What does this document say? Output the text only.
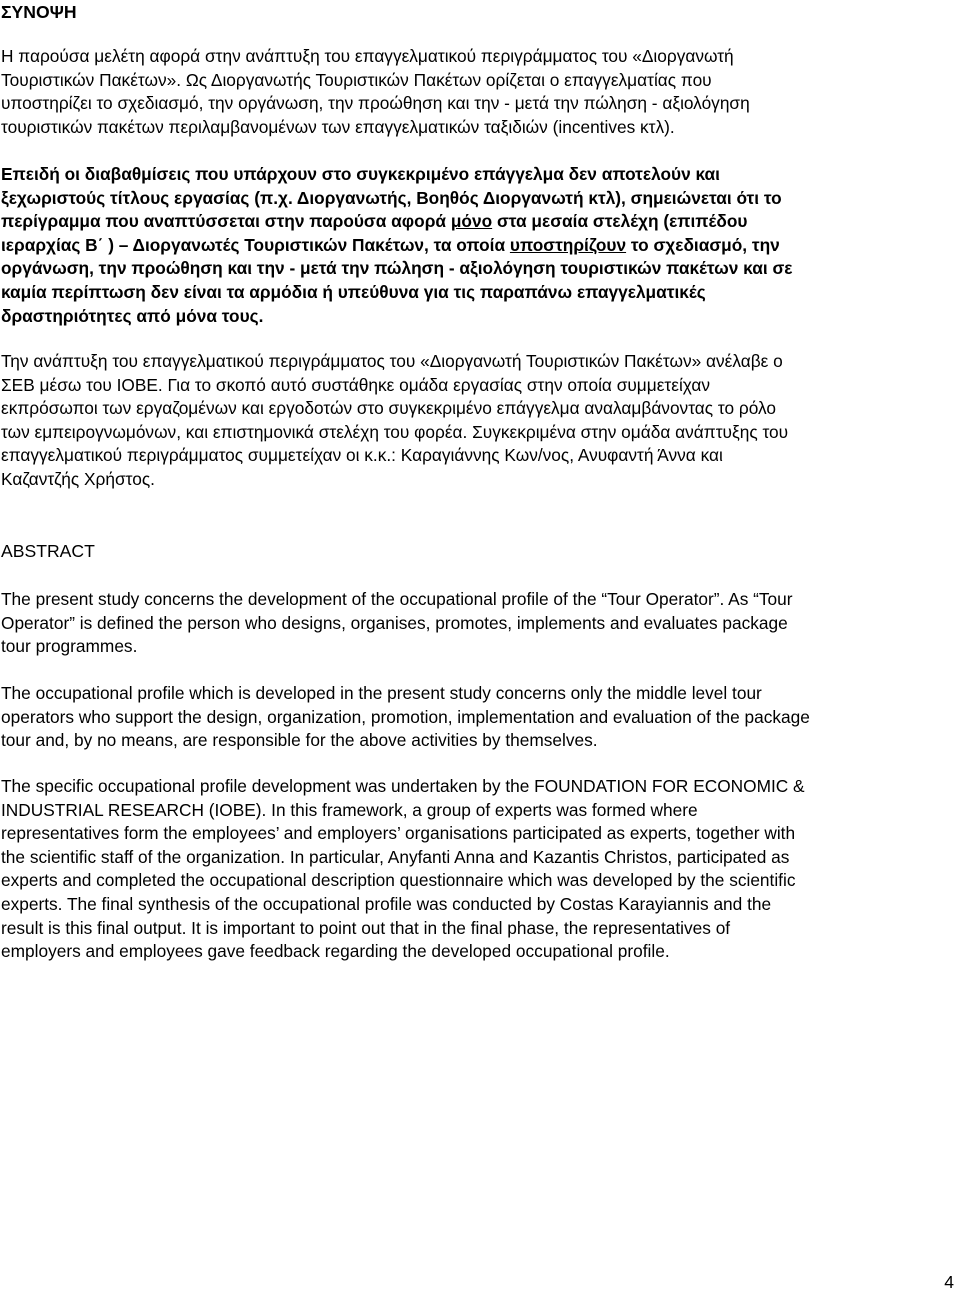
ΣΥΝΟΨΗ
Η παρούσα μελέτη αφορά στην ανάπτυξη του επαγγελματικού περιγράμματος του «Διοργανωτή
Τουριστικών Πακέτων». Ως Διοργανωτής Τουριστικών Πακέτων ορίζεται ο επαγγελματίας που
υποστηρίζει το σχεδιασμό, την οργάνωση, την προώθηση και την - μετά την πώληση - αξιολόγηση
τουριστικών πακέτων περιλαμβανομένων των επαγγελματικών ταξιδιών (incentives κτλ).
Επειδή οι διαβαθμίσεις που υπάρχουν στο συγκεκριμένο επάγγελμα δεν αποτελούν και
ξεχωριστούς τίτλους εργασίας (π.χ. Διοργανωτής, Βοηθός Διοργανωτή κτλ), σημειώνεται ότι το
περίγραμμα που αναπτύσσεται στην παρούσα αφορά μόνο στα μεσαία στελέχη (επιπέδου
ιεραρχίας Β΄ ) – Διοργανωτές Τουριστικών Πακέτων, τα οποία υποστηρίζουν το σχεδιασμό, την
οργάνωση, την προώθηση και την - μετά την πώληση - αξιολόγηση τουριστικών πακέτων και σε
καμία περίπτωση δεν είναι τα αρμόδια ή υπεύθυνα για τις παραπάνω επαγγελματικές
δραστηριότητες από μόνα τους.
Την ανάπτυξη του επαγγελματικού περιγράμματος του «Διοργανωτή Τουριστικών Πακέτων» ανέλαβε ο
ΣΕΒ μέσω του ΙΟΒΕ. Για το σκοπό αυτό συστάθηκε ομάδα εργασίας στην οποία συμμετείχαν
εκπρόσωποι των εργαζομένων και εργοδοτών στο συγκεκριμένο επάγγελμα αναλαμβάνοντας το ρόλο
των εμπειρογνωμόνων, και επιστημονικά στελέχη του φορέα. Συγκεκριμένα στην ομάδα ανάπτυξης του
επαγγελματικού περιγράμματος συμμετείχαν οι κ.κ.: Καραγιάννης Κων/νος, Ανυφαντή Άννα και
Καζαντζής Χρήστος.
ABSTRACT
The present study concerns the development of the occupational profile of the “Tour Operator”. As “Tour
Operator” is defined the person who designs, organises, promotes, implements and evaluates package
tour programmes.
The occupational profile which is developed in the present study concerns only the middle level tour
operators who support the design, organization, promotion, implementation and evaluation of the package
tour and, by no means, are responsible for the above activities by themselves.
The specific occupational profile development was undertaken by the FOUNDATION FOR ECONOMIC &
INDUSTRIAL RESEARCH (IOBE). In this framework, a group of experts was formed where
representatives form the employees’ and employers’ organisations participated as experts, together with
the scientific staff of the organization. In particular, Anyfanti Anna and Kazantis Christos, participated as
experts and completed the occupational description questionnaire which was developed by the scientific
experts. The final synthesis of the occupational profile was conducted by Costas Karayiannis and the
result is this final output. It is important to point out that in the final phase, the representatives of
employers and employees gave feedback regarding the developed occupational profile.
4
